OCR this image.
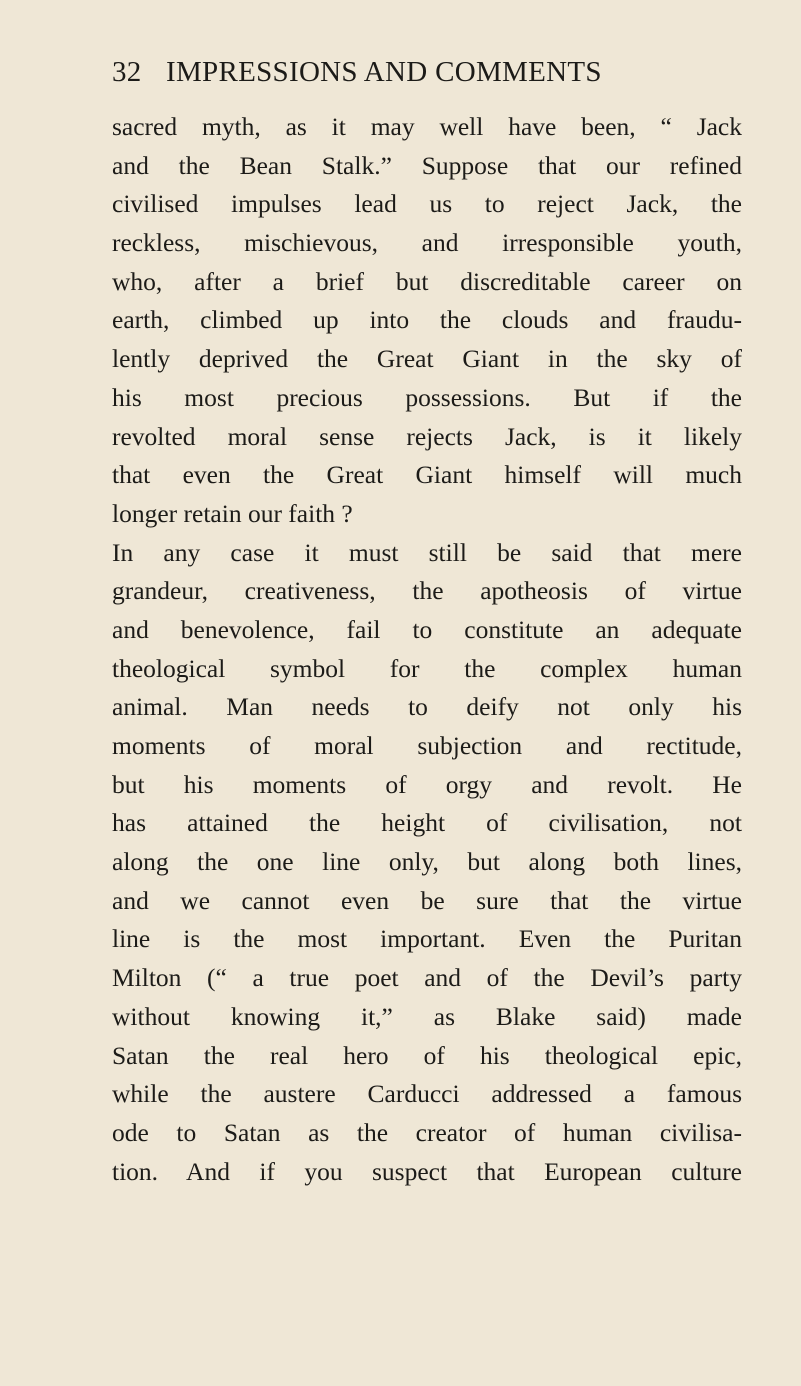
32 IMPRESSIONS AND COMMENTS
sacred myth, as it may well have been, “ Jack
and the Bean Stalk.” Suppose that our refined
civilised impulses lead us to reject Jack, the
reckless, mischievous, and irresponsible youth,
who, after a brief but discreditable career on
earth, climbed up into the clouds and fraudu-
lently deprived the Great Giant in the sky of
his most precious possessions. But if the
revolted moral sense rejects Jack, is it likely
that even the Great Giant himself will much
longer retain our faith ?
In any case it must still be said that mere
grandeur, creativeness, the apotheosis of virtue
and benevolence, fail to constitute an adequate
theological symbol for the complex human
animal. Man needs to deify not only his
moments of moral subjection and rectitude,
but his moments of orgy and revolt. He
has attained the height of civilisation, not
along the one line only, but along both lines,
and we cannot even be sure that the virtue
line is the most important. Even the Puritan
Milton (“ a true poet and of the Devil’s party
without knowing it,” as Blake said) made
Satan the real hero of his theological epic,
while the austere Carducci addressed a famous
ode to Satan as the creator of human civilisa-
tion. And if you suspect that European culture
